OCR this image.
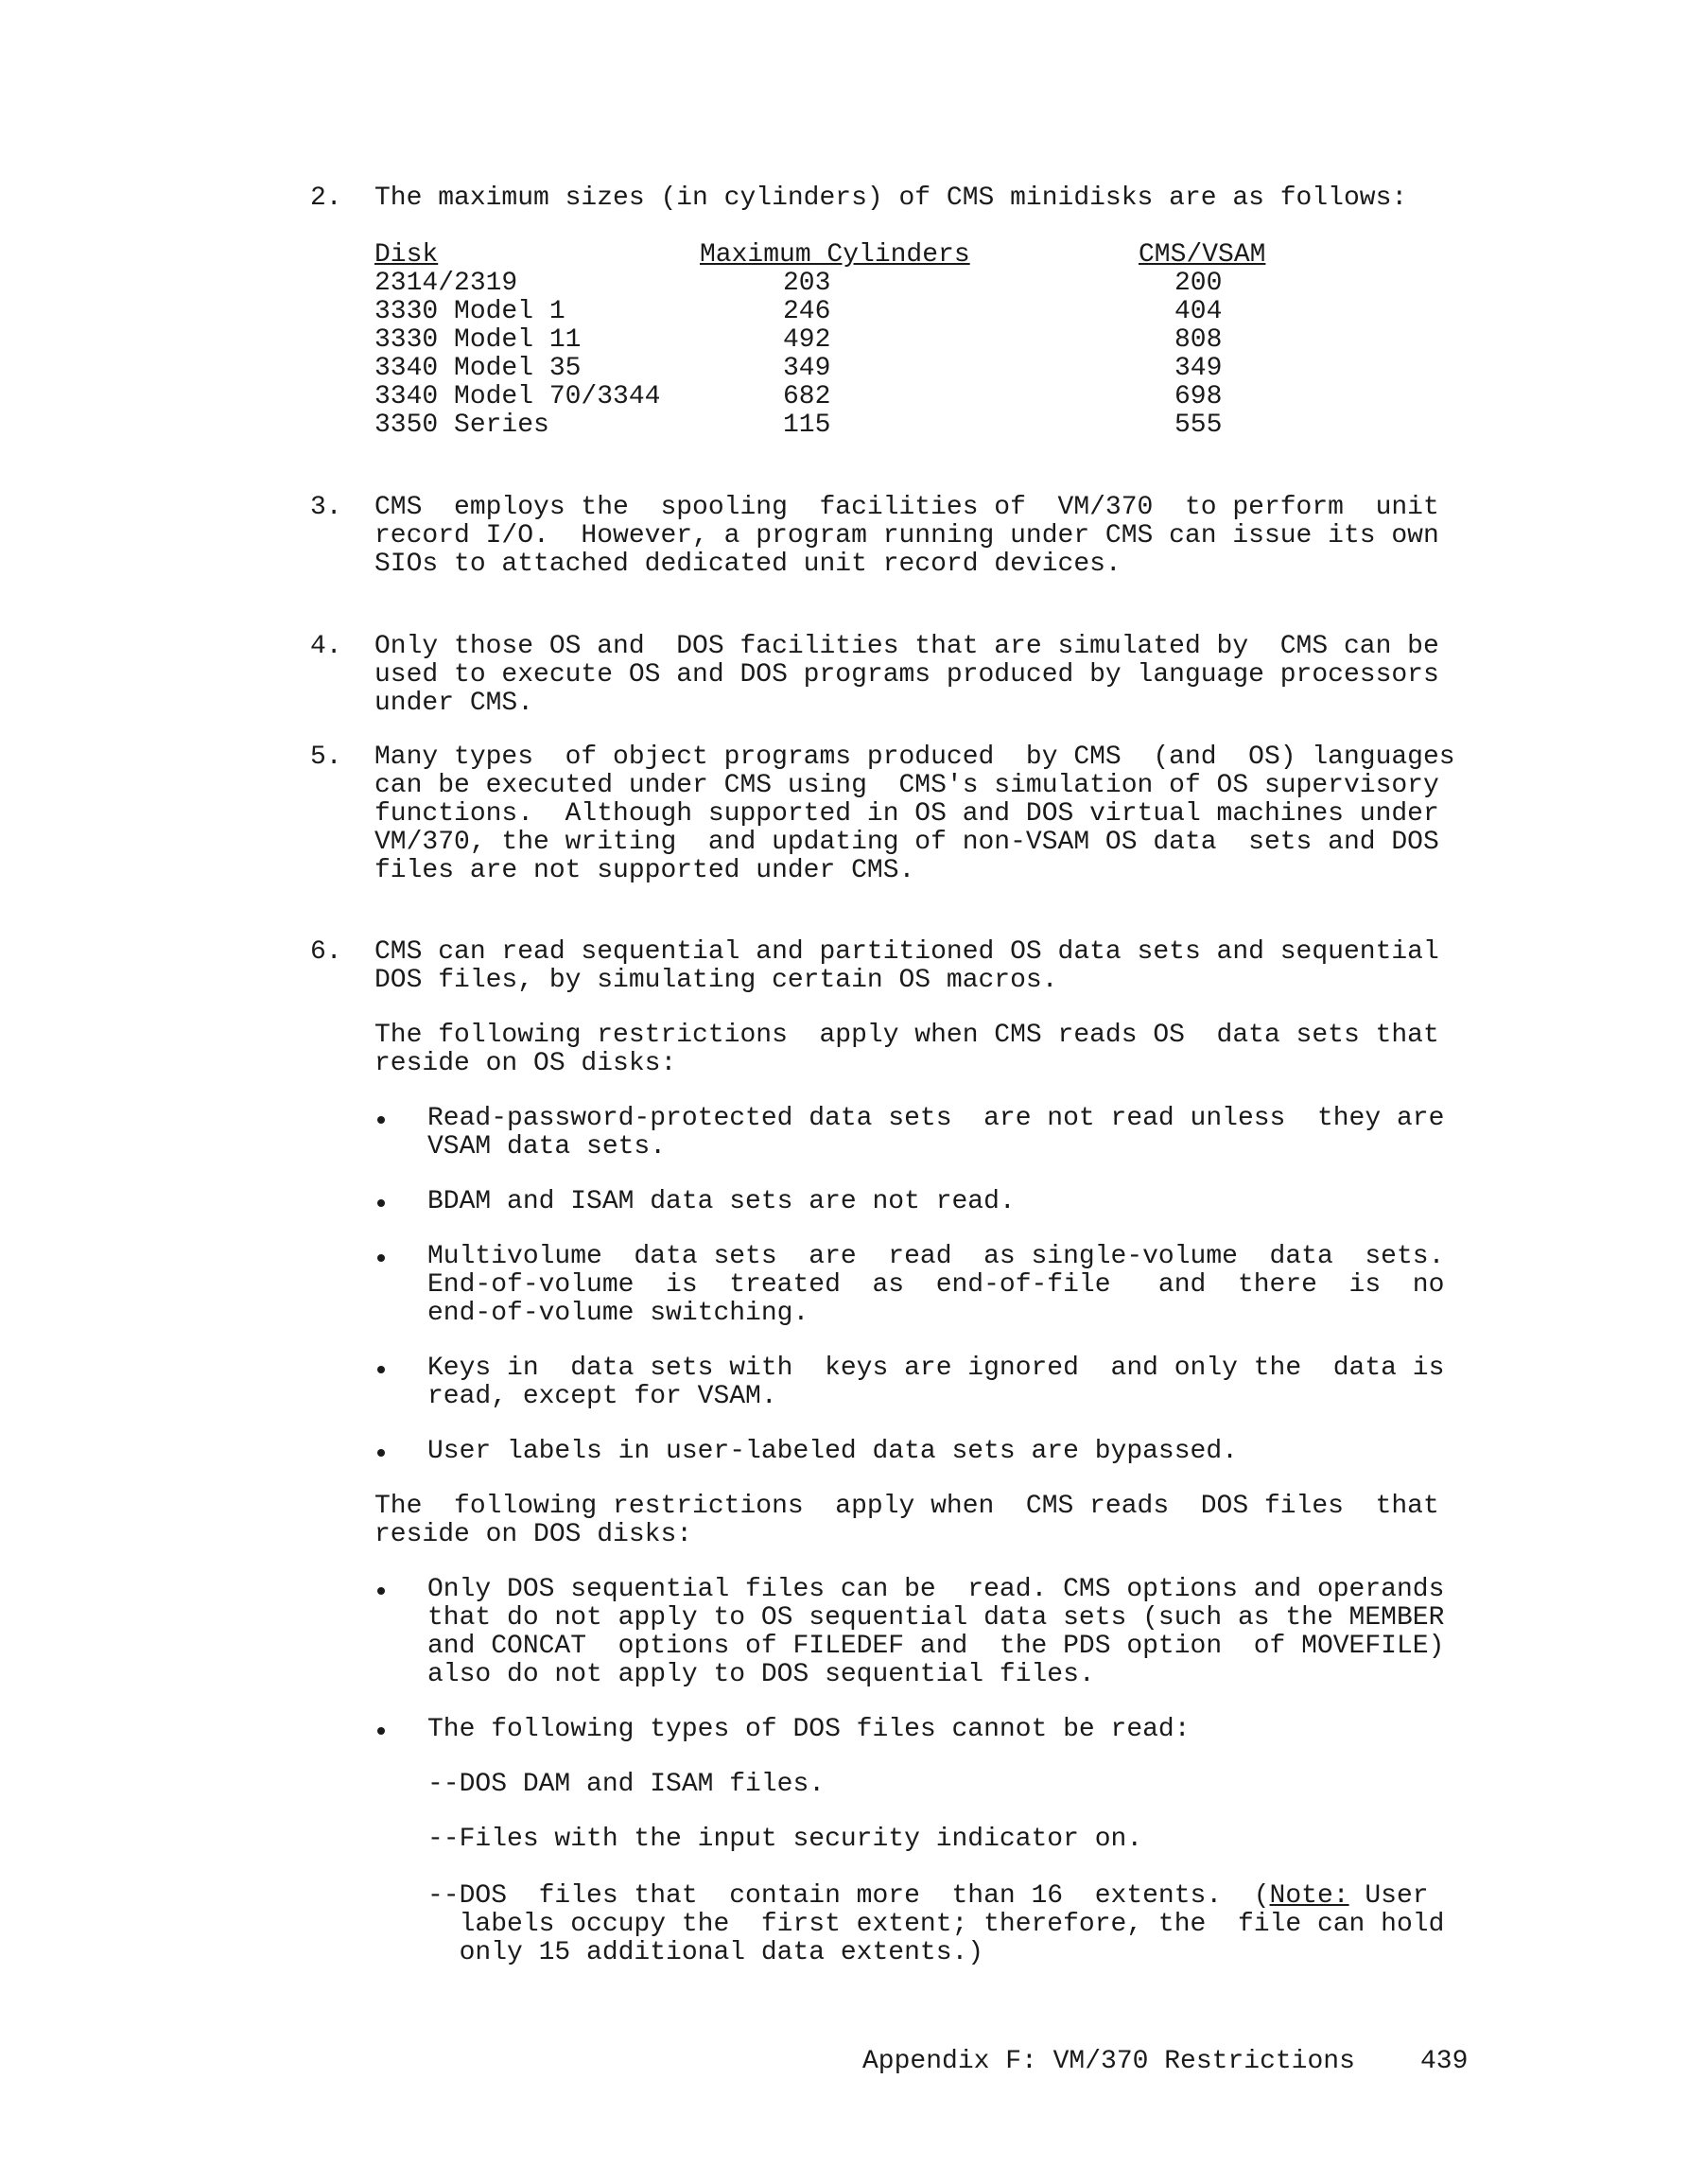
2. The maximum sizes (in cylinders) of CMS minidisks are as follows:
Disk	Maximum Cylinders	CMS/VSAM
2314/2319	203	200
3330 Model 1	246	404
3330 Model 11	492	808
3340 Model 35	349	349
3340 Model 70/3344	682	698
3350 Series	115	555
3. CMS  employs the  spooling  facilities of  VM/370  to perform  unit
record I/O.  However, a program running under CMS can issue its own
SIOs to attached dedicated unit record devices.
4. Only those OS and  DOS facilities that are simulated by  CMS can be
used to execute OS and DOS programs produced by language processors
under CMS.
5. Many types  of object programs produced  by CMS  (and  OS) languages
can be executed under CMS using  CMS's simulation of OS supervisory
functions.  Although supported in OS and DOS virtual machines under
VM/370, the writing  and updating of non-VSAM OS data  sets and DOS
files are not supported under CMS.
6. CMS can read sequential and partitioned OS data sets and sequential
DOS files, by simulating certain OS macros.
The following restrictions  apply when CMS reads OS  data sets that
reside on OS disks:
Read-password-protected data sets  are not read unless  they are
VSAM data sets.
BDAM and ISAM data sets are not read.
Multivolume  data sets  are  read  as single-volume  data  sets.
End-of-volume  is  treated  as  end-of-file   and  there  is  no
end-of-volume switching.
Keys in  data sets with  keys are ignored  and only the  data is
read, except for VSAM.
User labels in user-labeled data sets are bypassed.
The  following restrictions  apply when  CMS reads  DOS files  that
reside on DOS disks:
Only DOS sequential files can be  read. CMS options and operands
that do not apply to OS sequential data sets (such as the MEMBER
and CONCAT  options of FILEDEF and  the PDS option  of MOVEFILE)
also do not apply to DOS sequential files.
The following types of DOS files cannot be read:
--DOS DAM and ISAM files.
--Files with the input security indicator on.
--DOS  files that  contain more  than 16  extents.  (Note: User
labels occupy the  first extent; therefore, the  file can hold
only 15 additional data extents.)
Appendix F: VM/370 Restrictions 439
